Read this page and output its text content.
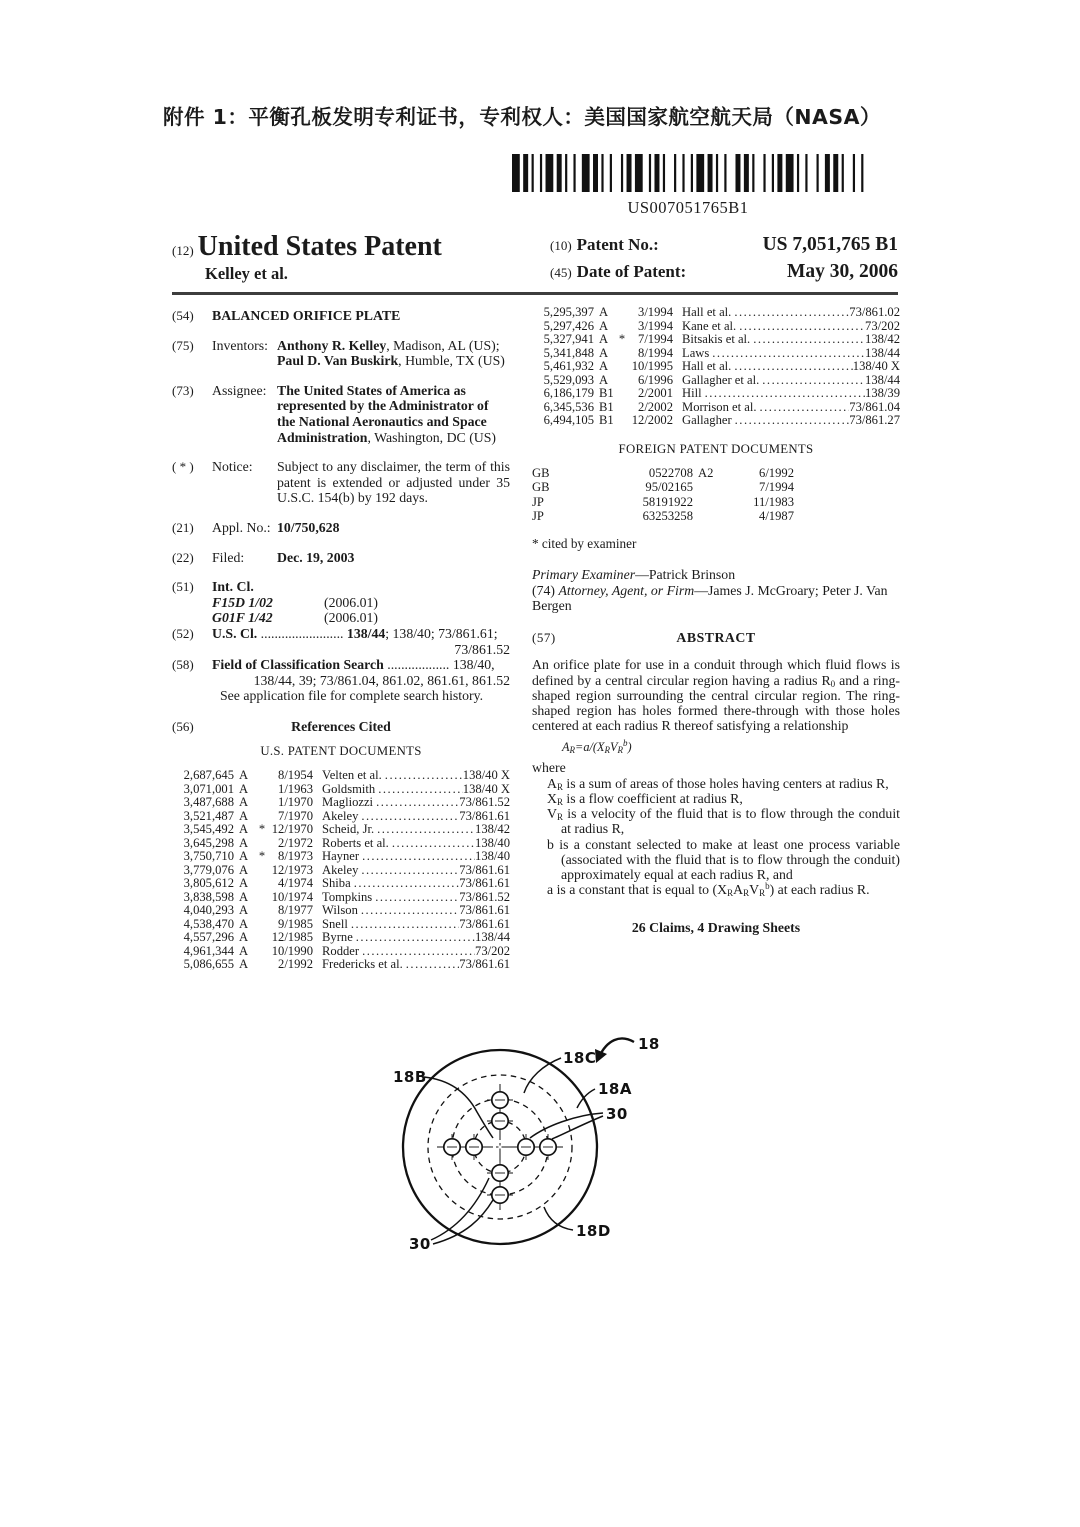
附件 1：平衡孔板发明专利证书，专利权人：美国国家航空航天局（NASA）
US007051765B1
(12) United States Patent
Kelley et al.
(10) Patent No.:	US 7,051,765 B1
(45) Date of Patent:	May 30, 2006
(54)	BALANCED ORIFICE PLATE
(75)	Inventors: Anthony R. Kelley, Madison, AL (US); Paul D. Van Buskirk, Humble, TX (US)
(73)	Assignee: The United States of America as represented by the Administrator of the National Aeronautics and Space Administration, Washington, DC (US)
( * )	Notice:	Subject to any disclaimer, the term of this patent is extended or adjusted under 35 U.S.C. 154(b) by 192 days.
(21)	Appl. No.: 10/750,628
(22)	Filed:	Dec. 19, 2003
(51)	Int. Cl.
F15D 1/02	(2006.01)
G01F 1/42	(2006.01)
(52)	U.S. Cl. ........................ 138/44; 138/40; 73/861.61;
73/861.52
(58)	Field of Classification Search .................. 138/40,
138/44, 39; 73/861.04, 861.02, 861.61, 861.52
See application file for complete search history.
(56)	References Cited
U.S. PATENT DOCUMENTS
2,687,645 A	8/1954 Velten et al. .....	138/40 X
3,071,001 A	1/1963 Goldsmith .....	138/40 X
3,487,688 A	1/1970 Magliozzi .....	73/861.52
3,521,487 A	7/1970 Akeley .....	73/861.61
3,545,492 A * 12/1970 Scheid, Jr. .....	138/42
3,645,298 A	2/1972 Roberts et al. .....	138/40
3,750,710 A *	8/1973 Hayner .....	138/40
3,779,076 A	12/1973 Akeley .....	73/861.61
3,805,612 A	4/1974 Shiba .....	73/861.61
3,838,598 A	10/1974 Tompkins .....	73/861.52
4,040,293 A	8/1977 Wilson .....	73/861.61
4,538,470 A	9/1985 Snell .....	73/861.61
4,557,296 A	12/1985 Byrne .....	138/44
4,961,344 A	10/1990 Rodder .....	73/202
5,086,655 A	2/1992 Fredericks et al. .....	73/861.61
5,295,397 A	3/1994 Hall et al. .....	73/861.02
5,297,426 A	3/1994 Kane et al. .....	73/202
5,327,941 A *	7/1994 Bitsakis et al. .....	138/42
5,341,848 A	8/1994 Laws .....	138/44
5,461,932 A	10/1995 Hall et al. .....	138/40 X
5,529,093 A	6/1996 Gallagher et al. .....	138/44
6,186,179 B1	2/2001 Hill .....	138/39
6,345,536 B1	2/2002 Morrison et al. .....	73/861.04
6,494,105 B1	12/2002 Gallagher .....	73/861.27
FOREIGN PATENT DOCUMENTS
GB	0522708 A2	6/1992
GB	95/02165	7/1994
JP	58191922	11/1983
JP	63253258	4/1987
* cited by examiner
Primary Examiner—Patrick Brinson
(74) Attorney, Agent, or Firm—James J. McGroary; Peter J. Van Bergen
(57)	ABSTRACT
An orifice plate for use in a conduit through which fluid flows is defined by a central circular region having a radius $R_0$ and a ring-shaped region surrounding the central circular region. The ring-shaped region has holes formed there-through with those holes centered at each radius R thereof satisfying a relationship
$A_R=a/(X_RV_R^b)$
where
$A_R$ is a sum of areas of those holes having centers at radius R,
$X_R$ is a flow coefficient at radius R,
$V_R$ is a velocity of the fluid that is to flow through the conduit at radius R,
b is a constant selected to make at least one process variable (associated with the fluid that is to flow through the conduit) approximately equal at each radius R, and
a is a constant that is equal to $(X_RA_RV_R^b)$ at each radius R.
26 Claims, 4 Drawing Sheets
18
18C
18B
18A
30
18D
30
